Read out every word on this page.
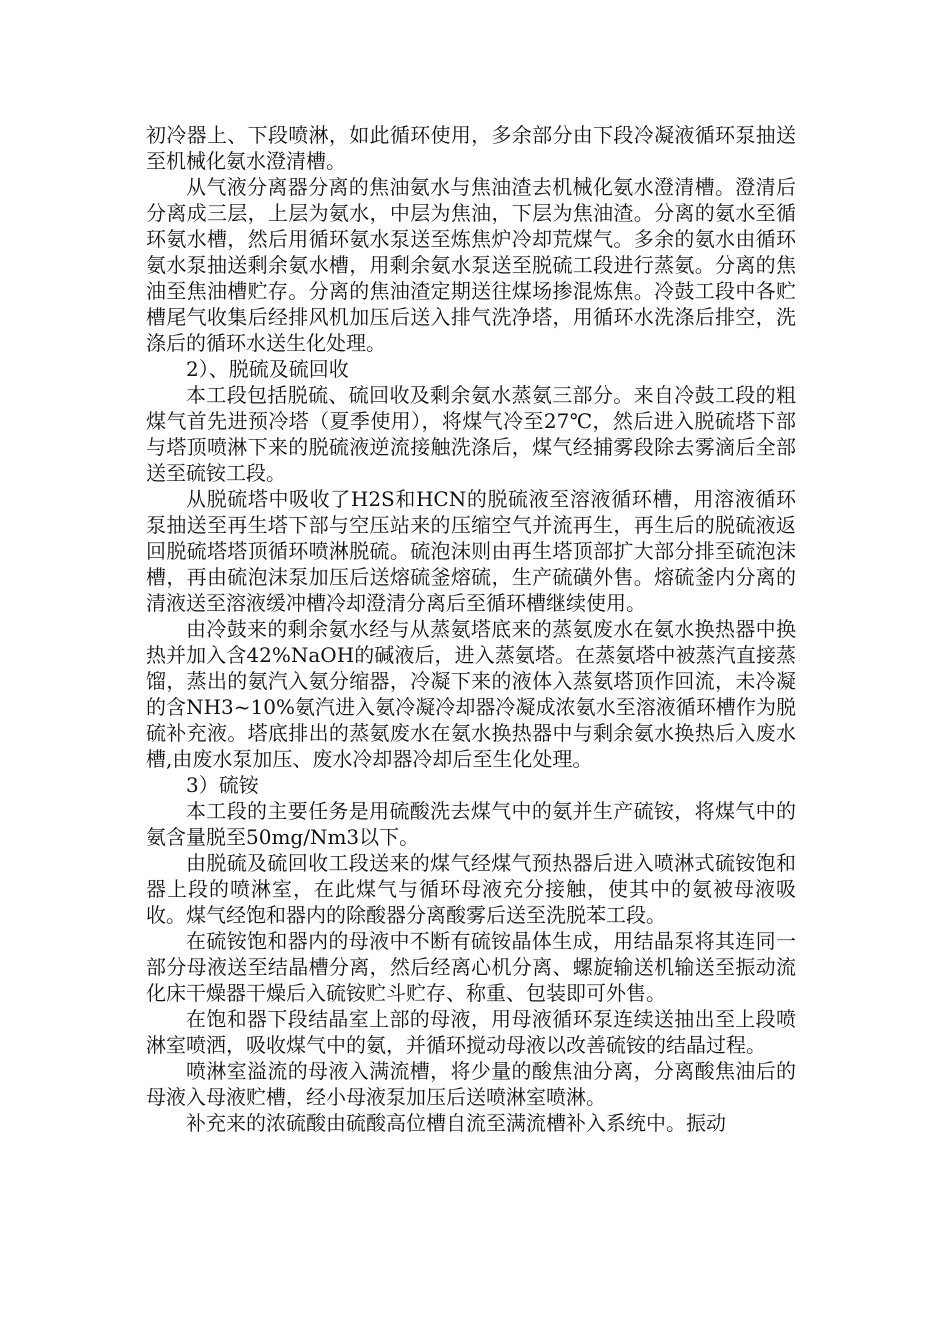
初冷器上、下段喷淋，如此循环使用，多余部分由下段冷凝液循环泵抽送至机械化氨水澄清槽。

从气液分离器分离的焦油氨水与焦油渣去机械化氨水澄清槽。澄清后分离成三层，上层为氨水，中层为焦油，下层为焦油渣。分离的氨水至循环氨水槽，然后用循环氨水泵送至炼焦炉冷却荒煤气。多余的氨水由循环氨水泵抽送剩余氨水槽，用剩余氨水泵送至脱硫工段进行蒸氨。分离的焦油至焦油槽贮存。分离的焦油渣定期送往煤场掺混炼焦。冷鼓工段中各贮槽尾气收集后经排风机加压后送入排气洗净塔，用循环水洗涤后排空，洗涤后的循环水送生化处理。

2）、脱硫及硫回收

本工段包括脱硫、硫回收及剩余氨水蒸氨三部分。来自冷鼓工段的粗煤气首先进预冷塔（夏季使用），将煤气冷至27℃，然后进入脱硫塔下部与塔顶喷淋下来的脱硫液逆流接触洗涤后，煤气经捕雾段除去雾滴后全部送至硫铵工段。

从脱硫塔中吸收了H2S和HCN的脱硫液至溶液循环槽，用溶液循环泵抽送至再生塔下部与空压站来的压缩空气并流再生，再生后的脱硫液返回脱硫塔塔顶循环喷淋脱硫。硫泡沫则由再生塔顶部扩大部分排至硫泡沫槽，再由硫泡沫泵加压后送熔硫釜熔硫，生产硫磺外售。熔硫釜内分离的清液送至溶液缓冲槽冷却澄清分离后至循环槽继续使用。

由冷鼓来的剩余氨水经与从蒸氨塔底来的蒸氨废水在氨水换热器中换热并加入含42%NaOH的碱液后，进入蒸氨塔。在蒸氨塔中被蒸汽直接蒸馏，蒸出的氨汽入氨分缩器，冷凝下来的液体入蒸氨塔顶作回流，未冷凝的含NH3~10%氨汽进入氨冷凝冷却器冷凝成浓氨水至溶液循环槽作为脱硫补充液。塔底排出的蒸氨废水在氨水换热器中与剩余氨水换热后入废水槽,由废水泵加压、废水冷却器冷却后至生化处理。

3）硫铵

本工段的主要任务是用硫酸洗去煤气中的氨并生产硫铵，将煤气中的氨含量脱至50mg/Nm3以下。

由脱硫及硫回收工段送来的煤气经煤气预热器后进入喷淋式硫铵饱和器上段的喷淋室，在此煤气与循环母液充分接触，使其中的氨被母液吸收。煤气经饱和器内的除酸器分离酸雾后送至洗脱苯工段。

在硫铵饱和器内的母液中不断有硫铵晶体生成，用结晶泵将其连同一部分母液送至结晶槽分离，然后经离心机分离、螺旋输送机输送至振动流化床干燥器干燥后入硫铵贮斗贮存、称重、包装即可外售。

在饱和器下段结晶室上部的母液，用母液循环泵连续送抽出至上段喷淋室喷洒，吸收煤气中的氨，并循环搅动母液以改善硫铵的结晶过程。

喷淋室溢流的母液入满流槽，将少量的酸焦油分离，分离酸焦油后的母液入母液贮槽，经小母液泵加压后送喷淋室喷淋。

补充来的浓硫酸由硫酸高位槽自流至满流槽补入系统中。振动
